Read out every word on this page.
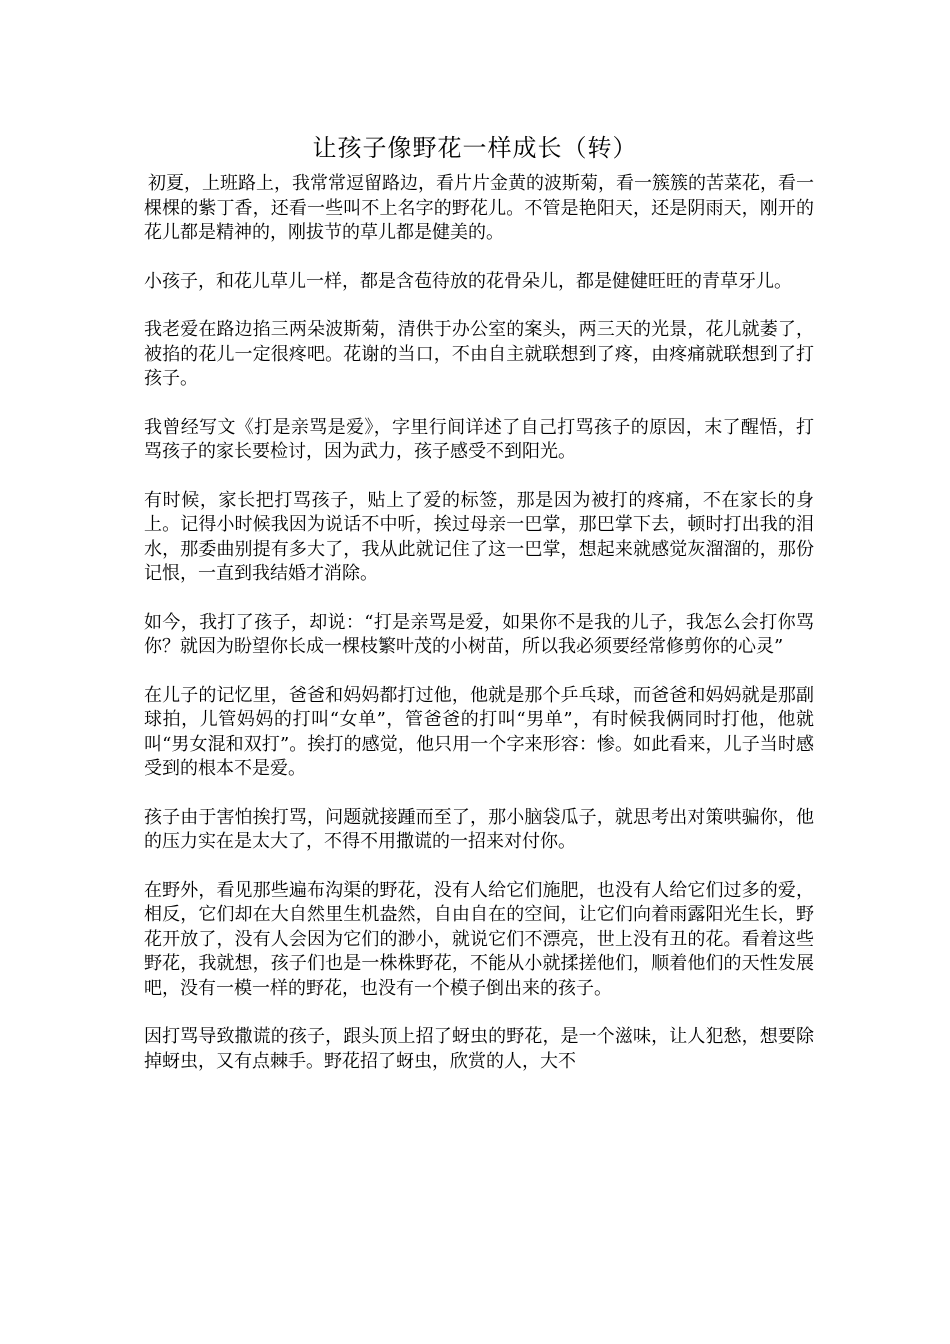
让孩子像野花一样成长（转）

初夏，上班路上，我常常逗留路边，看片片金黄的波斯菊，看一簇簇的苦菜花，看一棵棵的紫丁香，还看一些叫不上名字的野花儿。不管是艳阳天，还是阴雨天，刚开的花儿都是精神的，刚拔节的草儿都是健美的。

小孩子，和花儿草儿一样，都是含苞待放的花骨朵儿，都是健健旺旺的青草牙儿。

我老爱在路边掐三两朵波斯菊，清供于办公室的案头，两三天的光景，花儿就萎了，被掐的花儿一定很疼吧。花谢的当口，不由自主就联想到了疼，由疼痛就联想到了打孩子。

我曾经写文《打是亲骂是爱》，字里行间详述了自己打骂孩子的原因，末了醒悟，打骂孩子的家长要检讨，因为武力，孩子感受不到阳光。

有时候，家长把打骂孩子，贴上了爱的标签，那是因为被打的疼痛，不在家长的身上。记得小时候我因为说话不中听，挨过母亲一巴掌，那巴掌下去，顿时打出我的泪水，那委曲别提有多大了，我从此就记住了这一巴掌，想起来就感觉灰溜溜的，那份记恨，一直到我结婚才消除。

如今，我打了孩子，却说：“打是亲骂是爱，如果你不是我的儿子，我怎么会打你骂你？就因为盼望你长成一棵枝繁叶茂的小树苗，所以我必须要经常修剪你的心灵”

在儿子的记忆里，爸爸和妈妈都打过他，他就是那个乒乓球，而爸爸和妈妈就是那副球拍，儿管妈妈的打叫“女单”，管爸爸的打叫“男单”，有时候我俩同时打他，他就叫“男女混和双打”。挨打的感觉，他只用一个字来形容：惨。如此看来，儿子当时感受到的根本不是爱。

孩子由于害怕挨打骂，问题就接踵而至了，那小脑袋瓜子，就思考出对策哄骗你，他的压力实在是太大了，不得不用撒谎的一招来对付你。

在野外，看见那些遍布沟渠的野花，没有人给它们施肥，也没有人给它们过多的爱，相反，它们却在大自然里生机盎然，自由自在的空间，让它们向着雨露阳光生长，野花开放了，没有人会因为它们的渺小，就说它们不漂亮，世上没有丑的花。看着这些野花，我就想，孩子们也是一株株野花，不能从小就揉搓他们，顺着他们的天性发展吧，没有一模一样的野花，也没有一个模子倒出来的孩子。

因打骂导致撒谎的孩子，跟头顶上招了蚜虫的野花，是一个滋味，让人犯愁，想要除掉蚜虫，又有点棘手。野花招了蚜虫，欣赏的人，大不
